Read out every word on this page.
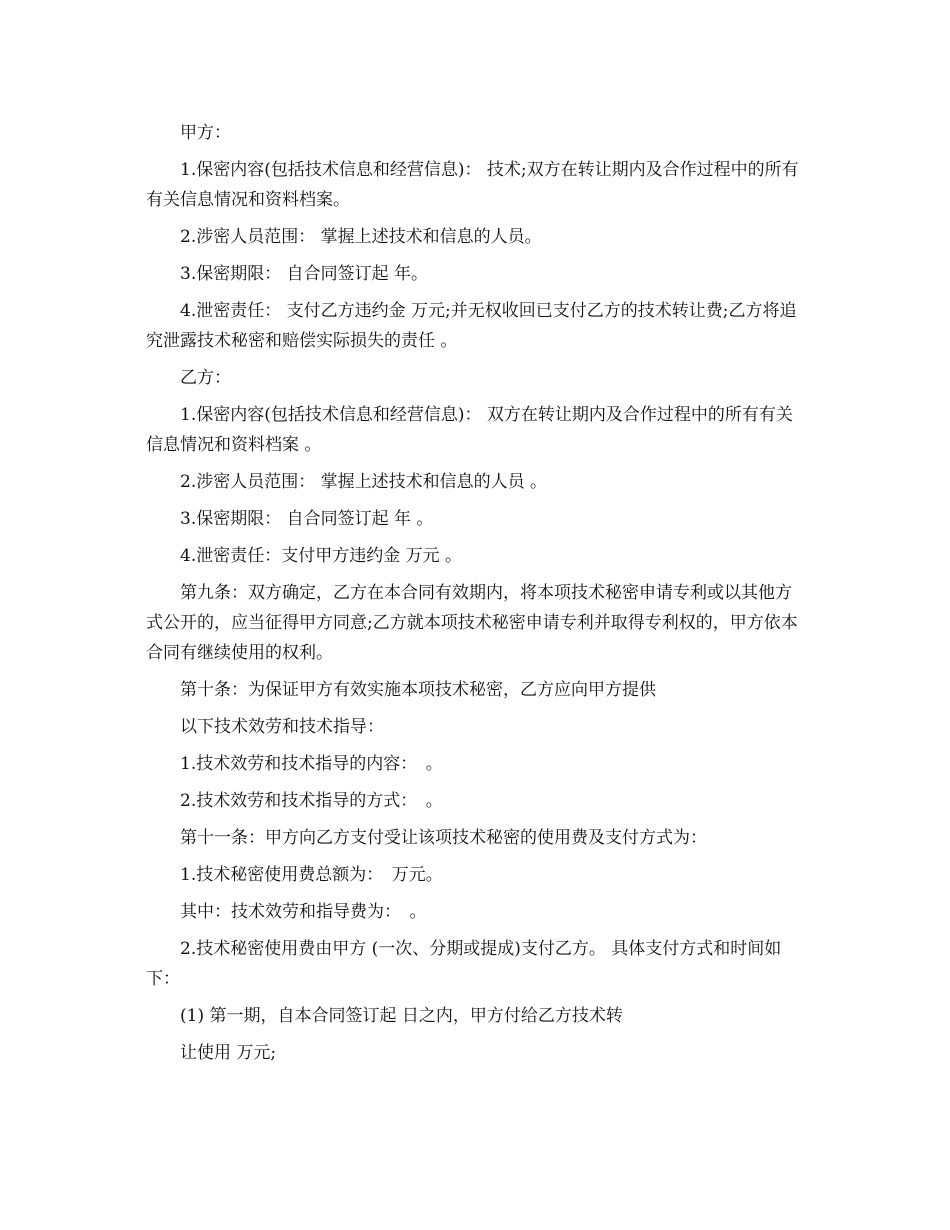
甲方：

1.保密内容(包括技术信息和经营信息)： 技术;双方在转让期内及合作过程中的所有有关信息情况和资料档案。

2.涉密人员范围： 掌握上述技术和信息的人员。

3.保密期限： 自合同签订起 年。

4.泄密责任： 支付乙方违约金 万元;并无权收回已支付乙方的技术转让费;乙方将追究泄露技术秘密和赔偿实际损失的责任 。

乙方：

1.保密内容(包括技术信息和经营信息)： 双方在转让期内及合作过程中的所有有关信息情况和资料档案 。

2.涉密人员范围： 掌握上述技术和信息的人员 。

3.保密期限： 自合同签订起 年 。

4.泄密责任：支付甲方违约金 万元 。

第九条：双方确定，乙方在本合同有效期内，将本项技术秘密申请专利或以其他方式公开的，应当征得甲方同意;乙方就本项技术秘密申请专利并取得专利权的，甲方依本合同有继续使用的权利。

第十条：为保证甲方有效实施本项技术秘密，乙方应向甲方提供

以下技术效劳和技术指导：

1.技术效劳和技术指导的内容：　。

2.技术效劳和技术指导的方式：　。

第十一条：甲方向乙方支付受让该项技术秘密的使用费及支付方式为：

1.技术秘密使用费总额为：　万元。

其中：技术效劳和指导费为：　。

2.技术秘密使用费由甲方 (一次、分期或提成)支付乙方。 具体支付方式和时间如下：

(1) 第一期，自本合同签订起 日之内，甲方付给乙方技术转

让使用 万元;
